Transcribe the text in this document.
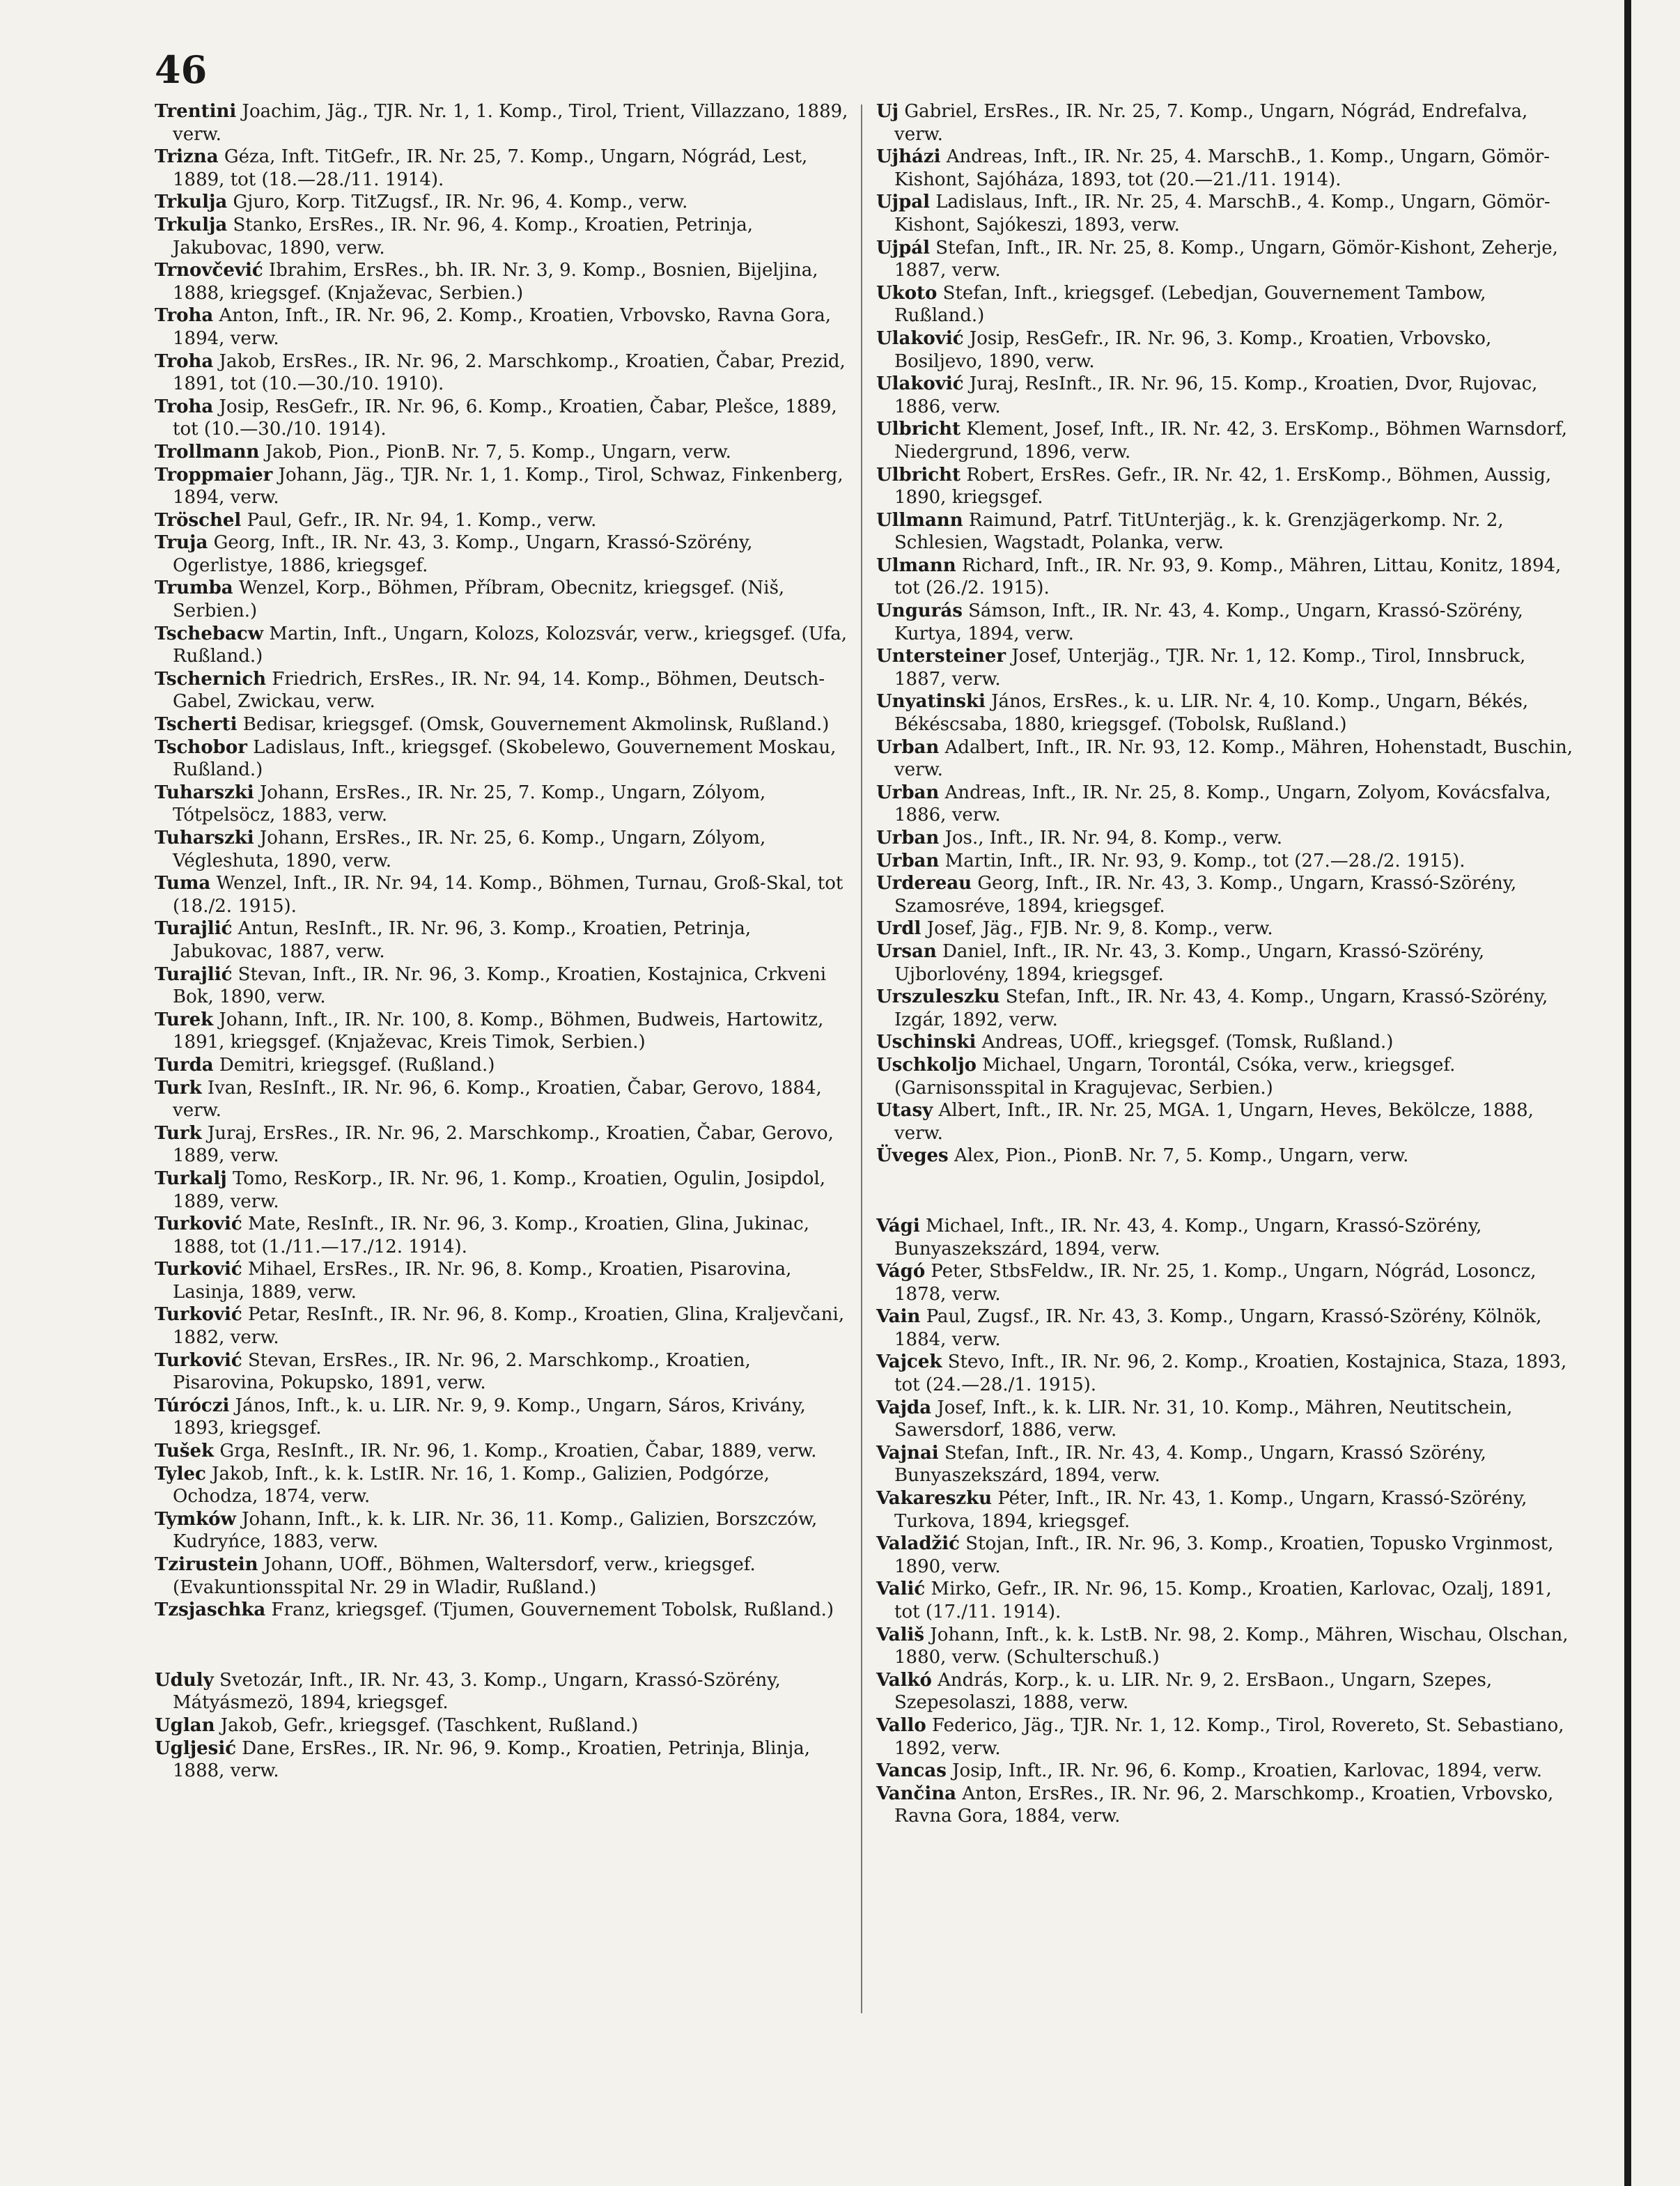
46
Trentini Joachim, Jäg., TJR. Nr. 1, 1. Komp., Tirol, Trient, Villazzano, 1889, verw.
Trizna Géza, Inft. TitGefr., IR. Nr. 25, 7. Komp., Ungarn, Nógrád, Lest, 1889, tot (18.—28./11. 1914).
Trkulja Gjuro, Korp. TitZugsf., IR. Nr. 96, 4. Komp., verw.
Trkulja Stanko, ErsRes., IR. Nr. 96, 4. Komp., Kroatien, Petrinja, Jakubovac, 1890, verw.
Trnovčević Ibrahim, ErsRes., bh. IR. Nr. 3, 9. Komp., Bosnien, Bijeljina, 1888, kriegsgef. (Knjaževac, Serbien.)
Troha Anton, Inft., IR. Nr. 96, 2. Komp., Kroatien, Vrbovsko, Ravna Gora, 1894, verw.
Troha Jakob, ErsRes., IR. Nr. 96, 2. Marschkomp., Kroatien, Čabar, Prezid, 1891, tot (10.—30./10. 1910).
Troha Josip, ResGefr., IR. Nr. 96, 6. Komp., Kroatien, Čabar, Plešce, 1889, tot (10.—30./10. 1914).
Trollmann Jakob, Pion., PionB. Nr. 7, 5. Komp., Ungarn, verw.
Troppmaier Johann, Jäg., TJR. Nr. 1, 1. Komp., Tirol, Schwaz, Finkenberg, 1894, verw.
Tröschel Paul, Gefr., IR. Nr. 94, 1. Komp., verw.
Truja Georg, Inft., IR. Nr. 43, 3. Komp., Ungarn, Krassó-Szörény, Ogerlistye, 1886, kriegsgef.
Trumba Wenzel, Korp., Böhmen, Příbram, Obecnitz, kriegsgef. (Niš, Serbien.)
Tschebacw Martin, Inft., Ungarn, Kolozs, Kolozsvár, verw., kriegsgef. (Ufa, Rußland.)
Tschernich Friedrich, ErsRes., IR. Nr. 94, 14. Komp., Böhmen, Deutsch-Gabel, Zwickau, verw.
Tscherti Bedisar, kriegsgef. (Omsk, Gouvernement Akmolinsk, Rußland.)
Tschobor Ladislaus, Inft., kriegsgef. (Skobelewo, Gouvernement Moskau, Rußland.)
Tuharszki Johann, ErsRes., IR. Nr. 25, 7. Komp., Ungarn, Zólyom, Tótpelsöcz, 1883, verw.
Tuharszki Johann, ErsRes., IR. Nr. 25, 6. Komp., Ungarn, Zólyom, Végleshuta, 1890, verw.
Tuma Wenzel, Inft., IR. Nr. 94, 14. Komp., Böhmen, Turnau, Groß-Skal, tot (18./2. 1915).
Turajlić Antun, ResInft., IR. Nr. 96, 3. Komp., Kroatien, Petrinja, Jabukovac, 1887, verw.
Turajlić Stevan, Inft., IR. Nr. 96, 3. Komp., Kroatien, Kostajnica, Crkveni Bok, 1890, verw.
Turek Johann, Inft., IR. Nr. 100, 8. Komp., Böhmen, Budweis, Hartowitz, 1891, kriegsgef. (Knjaževac, Kreis Timok, Serbien.)
Turda Demitri, kriegsgef. (Rußland.)
Turk Ivan, ResInft., IR. Nr. 96, 6. Komp., Kroatien, Čabar, Gerovo, 1884, verw.
Turk Juraj, ErsRes., IR. Nr. 96, 2. Marschkomp., Kroatien, Čabar, Gerovo, 1889, verw.
Turkalj Tomo, ResKorp., IR. Nr. 96, 1. Komp., Kroatien, Ogulin, Josipdol, 1889, verw.
Turković Mate, ResInft., IR. Nr. 96, 3. Komp., Kroatien, Glina, Jukinac, 1888, tot (1./11.—17./12. 1914).
Turković Mihael, ErsRes., IR. Nr. 96, 8. Komp., Kroatien, Pisarovina, Lasinja, 1889, verw.
Turković Petar, ResInft., IR. Nr. 96, 8. Komp., Kroatien, Glina, Kraljevčani, 1882, verw.
Turković Stevan, ErsRes., IR. Nr. 96, 2. Marschkomp., Kroatien, Pisarovina, Pokupsko, 1891, verw.
Túróczi János, Inft., k. u. LIR. Nr. 9, 9. Komp., Ungarn, Sáros, Krivány, 1893, kriegsgef.
Tušek Grga, ResInft., IR. Nr. 96, 1. Komp., Kroatien, Čabar, 1889, verw.
Tylec Jakob, Inft., k. k. LstIR. Nr. 16, 1. Komp., Galizien, Podgórze, Ochodza, 1874, verw.
Tymków Johann, Inft., k. k. LIR. Nr. 36, 11. Komp., Galizien, Borszczów, Kudryńce, 1883, verw.
Tzirustein Johann, UOff., Böhmen, Waltersdorf, verw., kriegsgef. (Evakuntionsspital Nr. 29 in Wladir, Rußland.)
Tzsjaschka Franz, kriegsgef. (Tjumen, Gouvernement Tobolsk, Rußland.)
Uduly Svetozár, Inft., IR. Nr. 43, 3. Komp., Ungarn, Krassó-Szörény, Mátyásmezö, 1894, kriegsgef.
Uglan Jakob, Gefr., kriegsgef. (Taschkent, Rußland.)
Ugljesić Dane, ErsRes., IR. Nr. 96, 9. Komp., Kroatien, Petrinja, Blinja, 1888, verw.
Uj Gabriel, ErsRes., IR. Nr. 25, 7. Komp., Ungarn, Nógrád, Endrefalva, verw.
Ujházi Andreas, Inft., IR. Nr. 25, 4. MarschB., 1. Komp., Ungarn, Gömör-Kishont, Sajóháza, 1893, tot (20.—21./11. 1914).
Ujpal Ladislaus, Inft., IR. Nr. 25, 4. MarschB., 4. Komp., Ungarn, Gömör-Kishont, Sajókeszi, 1893, verw.
Ujpál Stefan, Inft., IR. Nr. 25, 8. Komp., Ungarn, Gömör-Kishont, Zeherje, 1887, verw.
Ukoto Stefan, Inft., kriegsgef. (Lebedjan, Gouvernement Tambow, Rußland.)
Ulaković Josip, ResGefr., IR. Nr. 96, 3. Komp., Kroatien, Vrbovsko, Bosiljevo, 1890, verw.
Ulaković Juraj, ResInft., IR. Nr. 96, 15. Komp., Kroatien, Dvor, Rujovac, 1886, verw.
Ulbricht Klement, Josef, Inft., IR. Nr. 42, 3. ErsKomp., Böhmen Warnsdorf, Niedergrund, 1896, verw.
Ulbricht Robert, ErsRes. Gefr., IR. Nr. 42, 1. ErsKomp., Böhmen, Aussig, 1890, kriegsgef.
Ullmann Raimund, Patrf. TitUnterjäg., k. k. Grenzjägerkomp. Nr. 2, Schlesien, Wagstadt, Polanka, verw.
Ulmann Richard, Inft., IR. Nr. 93, 9. Komp., Mähren, Littau, Konitz, 1894, tot (26./2. 1915).
Ungurás Sámson, Inft., IR. Nr. 43, 4. Komp., Ungarn, Krassó-Szörény, Kurtya, 1894, verw.
Untersteiner Josef, Unterjäg., TJR. Nr. 1, 12. Komp., Tirol, Innsbruck, 1887, verw.
Unyatinski János, ErsRes., k. u. LIR. Nr. 4, 10. Komp., Ungarn, Békés, Békéscsaba, 1880, kriegsgef. (Tobolsk, Rußland.)
Urban Adalbert, Inft., IR. Nr. 93, 12. Komp., Mähren, Hohenstadt, Buschin, verw.
Urban Andreas, Inft., IR. Nr. 25, 8. Komp., Ungarn, Zolyom, Kovácsfalva, 1886, verw.
Urban Jos., Inft., IR. Nr. 94, 8. Komp., verw.
Urban Martin, Inft., IR. Nr. 93, 9. Komp., tot (27.—28./2. 1915).
Urdereau Georg, Inft., IR. Nr. 43, 3. Komp., Ungarn, Krassó-Szörény, Szamosréve, 1894, kriegsgef.
Urdl Josef, Jäg., FJB. Nr. 9, 8. Komp., verw.
Ursan Daniel, Inft., IR. Nr. 43, 3. Komp., Ungarn, Krassó-Szörény, Ujborlovény, 1894, kriegsgef.
Urszuleszku Stefan, Inft., IR. Nr. 43, 4. Komp., Ungarn, Krassó-Szörény, Izgár, 1892, verw.
Uschinski Andreas, UOff., kriegsgef. (Tomsk, Rußland.)
Uschkoljo Michael, Ungarn, Torontál, Csóka, verw., kriegsgef. (Garnisonsspital in Kragujevac, Serbien.)
Utasy Albert, Inft., IR. Nr. 25, MGA. 1, Ungarn, Heves, Bekölcze, 1888, verw.
Üveges Alex, Pion., PionB. Nr. 7, 5. Komp., Ungarn, verw.
Vági Michael, Inft., IR. Nr. 43, 4. Komp., Ungarn, Krassó-Szörény, Bunyaszekszárd, 1894, verw.
Vágó Peter, StbsFeldw., IR. Nr. 25, 1. Komp., Ungarn, Nógrád, Losoncz, 1878, verw.
Vain Paul, Zugsf., IR. Nr. 43, 3. Komp., Ungarn, Krassó-Szörény, Kölnök, 1884, verw.
Vajcek Stevo, Inft., IR. Nr. 96, 2. Komp., Kroatien, Kostajnica, Staza, 1893, tot (24.—28./1. 1915).
Vajda Josef, Inft., k. k. LIR. Nr. 31, 10. Komp., Mähren, Neutitschein, Sawersdorf, 1886, verw.
Vajnai Stefan, Inft., IR. Nr. 43, 4. Komp., Ungarn, Krassó Szörény, Bunyaszekszárd, 1894, verw.
Vakareszku Péter, Inft., IR. Nr. 43, 1. Komp., Ungarn, Krassó-Szörény, Turkova, 1894, kriegsgef.
Valadžić Stojan, Inft., IR. Nr. 96, 3. Komp., Kroatien, Topusko Vrginmost, 1890, verw.
Valić Mirko, Gefr., IR. Nr. 96, 15. Komp., Kroatien, Karlovac, Ozalj, 1891, tot (17./11. 1914).
Vališ Johann, Inft., k. k. LstB. Nr. 98, 2. Komp., Mähren, Wischau, Olschan, 1880, verw. (Schulterschuß.)
Valkó András, Korp., k. u. LIR. Nr. 9, 2. ErsBaon., Ungarn, Szepes, Szepesolaszi, 1888, verw.
Vallo Federico, Jäg., TJR. Nr. 1, 12. Komp., Tirol, Rovereto, St. Sebastiano, 1892, verw.
Vancas Josip, Inft., IR. Nr. 96, 6. Komp., Kroatien, Karlovac, 1894, verw.
Vančina Anton, ErsRes., IR. Nr. 96, 2. Marschkomp., Kroatien, Vrbovsko, Ravna Gora, 1884, verw.
